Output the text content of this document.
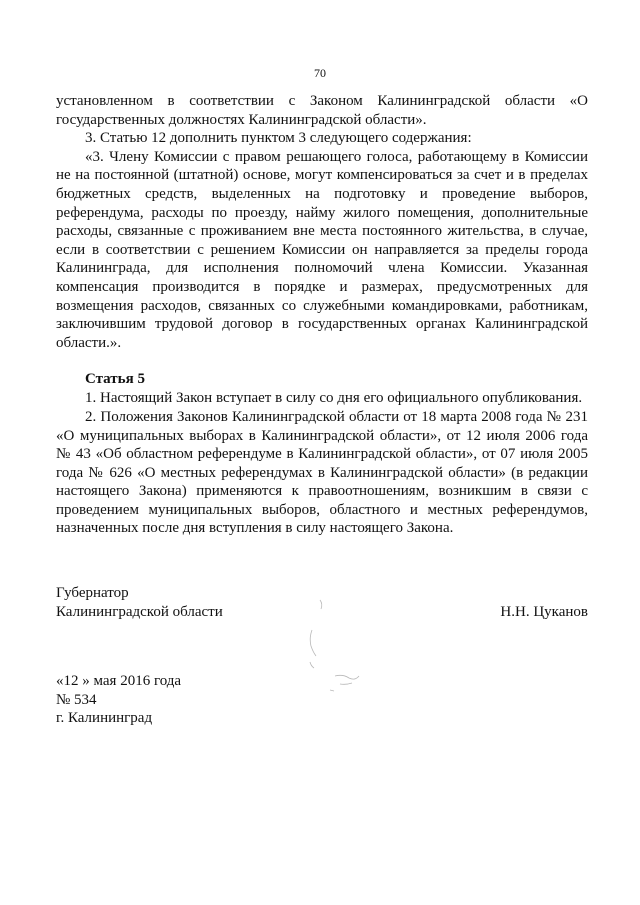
70

установленном в соответствии с Законом Калининградской области «О государственных должностях Калининградской области».

3. Статью 12 дополнить пунктом 3 следующего содержания:

«3. Члену Комиссии с правом решающего голоса, работающему в Комиссии не на постоянной (штатной) основе, могут компенсироваться за счет и в пределах бюджетных средств, выделенных на подготовку и проведение выборов, референдума, расходы по проезду, найму жилого помещения, дополнительные расходы, связанные с проживанием вне места постоянного жительства, в случае, если в соответствии с решением Комиссии он направляется за пределы города Калининграда, для исполнения полномочий члена Комиссии. Указанная компенсация производится в порядке и размерах, предусмотренных для возмещения расходов, связанных со служебными командировками, работникам, заключившим трудовой договор в государственных органах Калининградской области.».

Статья 5

1. Настоящий Закон вступает в силу со дня его официального опубликования.

2. Положения Законов Калининградской области от 18 марта 2008 года № 231 «О муниципальных выборах в Калининградской области», от 12 июля 2006 года № 43 «Об областном референдуме в Калининградской области», от 07 июля 2005 года № 626 «О местных референдумах в Калининградской области» (в редакции настоящего Закона) применяются к правоотношениям, возникшим в связи с проведением муниципальных выборов, областного и местных референдумов, назначенных после дня вступления в силу настоящего Закона.

Губернатор
Калининградской области	Н.Н. Цуканов
«12 » мая 2016 года
№ 534
г. Калининград
